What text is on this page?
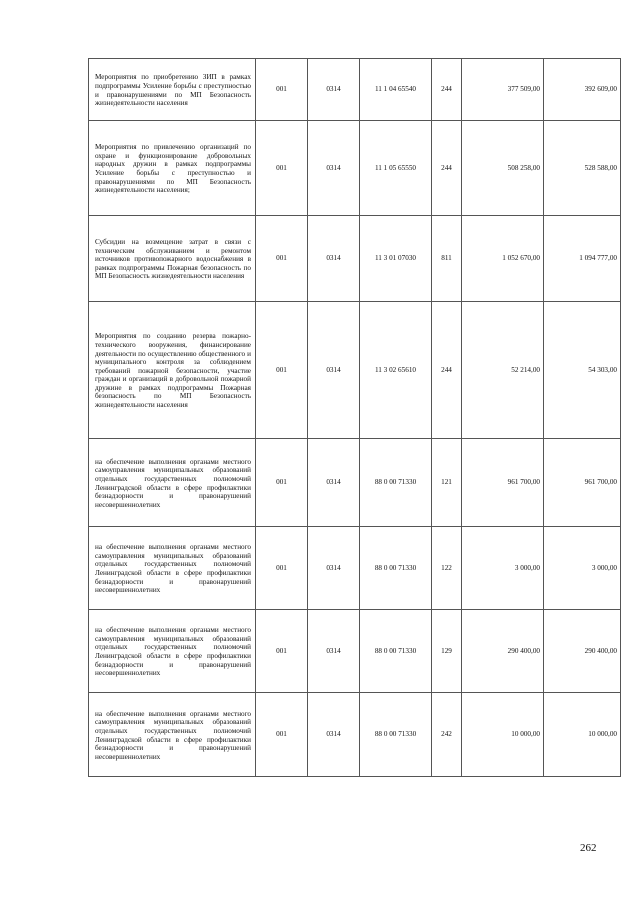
Мероприятия по приобретению ЗИП в рамках подпрограммы Усиление борьбы с преступностью и правонарушениями по МП Безопасность жизнедеятельности населения	001	0314	11 1 04 65540	244	377 509,00	392 609,00
Мероприятия по привлечению организаций по охране и функционирование добровольных народных дружин в рамках подпрограммы Усиление борьбы с преступностью и правонарушениями по МП Безопасность жизнедеятельности населения;	001	0314	11 1 05 65550	244	508 258,00	528 588,00
Субсидии на возмещение затрат в связи с техническим обслуживанием и ремонтом источников противопожарного водоснабжения в рамках подпрограммы Пожарная безопасность по МП Безопасность жизнедеятельности населения	001	0314	11 3 01 07030	811	1 052 670,00	1 094 777,00
Мероприятия по созданию резерва пожарно-технического вооружения, финансирование деятельности по осуществлению общественного и муниципального контроля за соблюдением требований пожарной безопасности, участие граждан и организаций в добровольной пожарной дружине в рамках подпрограммы Пожарная безопасность по МП Безопасность жизнедеятельности населения	001	0314	11 3 02 65610	244	52 214,00	54 303,00
на обеспечение выполнения органами местного самоуправления муниципальных образований отдельных государственных полномочий Ленинградской области в сфере профилактики безнадзорности и правонарушений несовершеннолетних	001	0314	88 0 00 71330	121	961 700,00	961 700,00
на обеспечение выполнения органами местного самоуправления муниципальных образований отдельных государственных полномочий Ленинградской области в сфере профилактики безнадзорности и правонарушений несовершеннолетних	001	0314	88 0 00 71330	122	3 000,00	3 000,00
на обеспечение выполнения органами местного самоуправления муниципальных образований отдельных государственных полномочий Ленинградской области в сфере профилактики безнадзорности и правонарушений несовершеннолетних	001	0314	88 0 00 71330	129	290 400,00	290 400,00
на обеспечение выполнения органами местного самоуправления муниципальных образований отдельных государственных полномочий Ленинградской области в сфере профилактики безнадзорности и правонарушений несовершеннолетних	001	0314	88 0 00 71330	242	10 000,00	10 000,00
262
